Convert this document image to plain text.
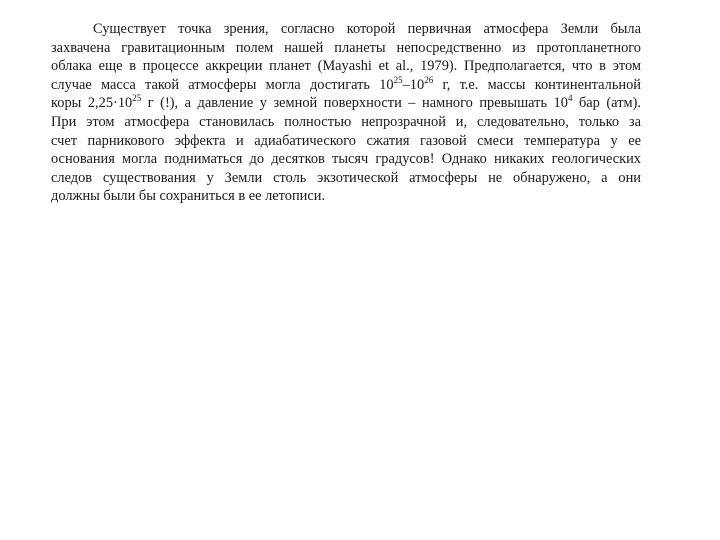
Существует точка зрения, согласно которой первичная атмосфера Земли была
захвачена гравитационным полем нашей планеты непосредственно из протопланетного
облака еще в процессе аккреции планет (Mayashi et al., 1979). Предполагается, что в этом
случае масса такой атмосферы могла достигать $10^{25}-10^{26}$ г, т.е. массы континентальной
коры $2,25\cdot 10^{25}$ г (!), а давление у земной поверхности – намного превышать $10^4$ бар (атм).
При этом атмосфера становилась полностью непрозрачной и, следовательно, только за
счет парникового эффекта и адиабатического сжатия газовой смеси температура у ее
основания могла подниматься до десятков тысяч градусов! Однако никаких геологических
следов существования у Земли столь экзотической атмосферы не обнаружено, а они
должны были бы сохраниться в ее летописи.
